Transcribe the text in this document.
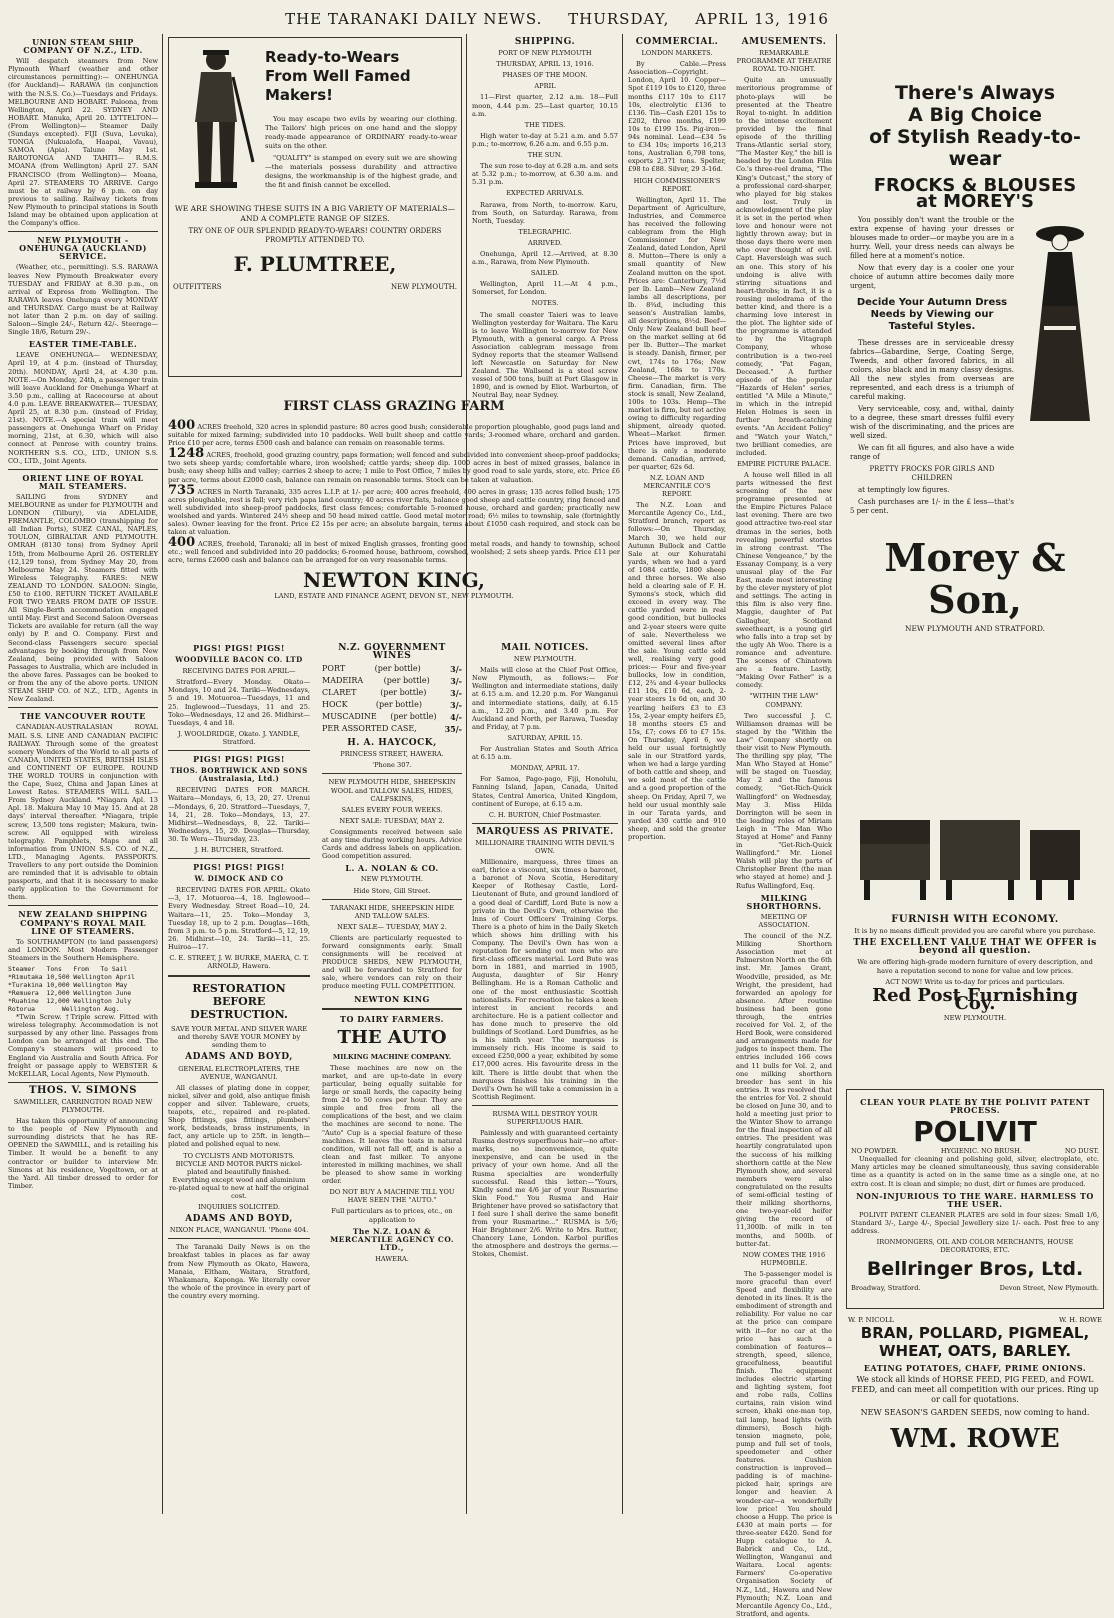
THE TARANAKI DAILY NEWS. THURSDAY, APRIL 13, 1916
UNION STEAM SHIP COMPANY OF N.Z., LTD.

Will despatch steamers from New Plymouth Wharf (weather and other circumstances permitting):— ONEHUNGA (for Auckland)— RARAWA (in conjunction with the N.S.S. Co.)—Tuesdays and Fridays. MELBOURNE AND HOBART. Paloona, from Wellington, April 22. SYDNEY AND HOBART. Manuka, April 20. LYTTELTON— (From Wellington)— Steamer Daily (Sundays excepted). FIJI (Suva, Levuka), TONGA (Nukualofa, Haapai, Vavau), SAMOA (Apia). Talune May 1st. RAROTONGA AND TAHITI— R.M.S. MOANA (from Wellington) April 27. SAN FRANCISCO (from Wellington)— Moana, April 27. STEAMERS TO ARRIVE. Cargo must be at railway by 6 p.m. on day previous to sailing. Railway tickets from New Plymouth to principal stations in South Island may be obtained upon application at the Company's office.

NEW PLYMOUTH - ONEHUNGA (AUCKLAND) SERVICE.

(Weather, etc., permitting). S.S. RARAWA leaves New Plymouth Breakwater every TUESDAY and FRIDAY at 8.30 p.m., on arrival of Express from Wellington. The RARAWA leaves Onehunga every MONDAY and THURSDAY. Cargo must be at Railway not later than 2 p.m. on day of sailing. Saloon—Single 24/-, Return 42/-. Steerage—Single 18/6, Return 29/-.

EASTER TIME-TABLE.

LEAVE ONEHUNGA— WEDNESDAY, April 19, at 4 p.m. (instead of Thursday, 20th). MONDAY, April 24, at 4.30 p.m. NOTE.—On Monday, 24th, a passenger train will leave Auckland for Onehunga Wharf at 3.50 p.m., calling at Racecourse at about 4.0 p.m. LEAVE BREAKWATER— TUESDAY, April 25, at 8.30 p.m. (instead of Friday, 21st). NOTE.—A special train will meet passengers at Onehunga Wharf on Friday morning, 21st, at 6.30, which will also connect at Penrose with country trains. NORTHERN S.S. CO., LTD., UNION S.S. CO., LTD., Joint Agents.

ORIENT LINE OF ROYAL MAIL STEAMERS.

SAILING from SYDNEY and MELBOURNE as under for PLYMOUTH and LONDON (Tilbury), via ADELAIDE, FREMANTLE, COLOMBO (transhipping for all Indian Ports), SUEZ CANAL, NAPLES, TOULON, GIBRALTAR AND PLYMOUTH. OMRAH (8130 tons) from Sydney April 15th, from Melbourne April 26. OSTERLEY (12,129 tons), from Sydney May 20, from Melbourne May 24. Steamers fitted with Wireless Telegraphy. FARES: NEW ZEALAND TO LONDON. SALOON: Single, £50 to £100. RETURN TICKET AVAILABLE FOR TWO YEARS FROM DATE OF ISSUE. All Single-Berth accommodation engaged until May. First and Second Saloon Overseas Tickets are available for return (all the way only) by P. and O. Company. First and Second-class Passengers secure special advantages by booking through from New Zealand, being provided with Saloon Passages to Australia, which are included in the above fares. Passages can be booked to or from the any of the above ports. UNION STEAM SHIP CO. of N.Z., LTD., Agents in New Zealand.

THE VANCOUVER ROUTE

CANADIAN-AUSTRALASIAN ROYAL MAIL S.S. LINE AND CANADIAN PACIFIC RAILWAY. Through some of the greatest scenery Wonders of the World to all parts of CANADA, UNITED STATES, BRITISH ISLES and CONTINENT OF EUROPE. ROUND THE WORLD TOURS in conjunction with the Cape, Suez, China and Japan Lines at Lowest Rates. STEAMERS WILL SAIL— From Sydney Auckland. *Niagara Apl. 13 Apl. 18. Makura May 10 May 15. And at 28 days' interval thereafter. *Niagara, triple screw, 13,500 tons register; Makura, twin-screw. All equipped with wireless telegraphy. Pamphlets, Maps and all information from UNION S.S. CO. of N.Z., LTD., Managing Agents. PASSPORTS. Travellers to any port outside the Dominion are reminded that it is advisable to obtain passports, and that it is necessary to make early application to the Government for them.

NEW ZEALAND SHIPPING COMPANY'S ROYAL MAIL LINE OF STEAMERS.

To SOUTHAMPTON (to land passengers) and LONDON. Most Modern Passenger Steamers in the Southern Hemisphere.

Steamer   Tons   From   To Sail
*Rimutaka 10,500 Wellington April
*Turakina 10,000 Wellington May
*Remuera  12,000 Wellington June
*Ruahine  12,000 Wellington July
Rotorua       Wellington Aug.

*Twin Screw. †Triple screw. Fitted with wireless telegraphy. Accommodation is not surpassed by any other line. Passages from London can be arranged at this end. The Company's steamers will proceed to England via Australia and South Africa. For freight or passage apply to WEBSTER & McKELLAR, Local Agents, New Plymouth.

THOS. V. SIMONS
SAWMILLER, CARRINGTON ROAD NEW PLYMOUTH.

Has taken this opportunity of announcing to the people of New Plymouth and surrounding districts that he has RE-OPENED the SAWMILL, and is retailing his Timber. It would be a benefit to any contractor or builder to interview Mr. Simons at his residence, Vogeltown, or at the Yard. All timber dressed to order for Timber.

Ready-to-Wears
From Well Famed
Makers!

You may escape two evils by wearing our clothing. The Tailors' high prices on one hand and the sloppy ready-made appearance of ORDINARY ready-to-wear suits on the other.

"QUALITY" is stamped on every suit we are showing—the materials possess durability and attractive designs, the workmanship is of the highest grade, and the fit and finish cannot be excelled.

WE ARE SHOWING THESE SUITS IN A BIG VARIETY OF MATERIALS—AND A COMPLETE RANGE OF SIZES.
TRY ONE OF OUR SPLENDID READY-TO-WEARS! COUNTRY ORDERS PROMPTLY ATTENDED TO.
F. PLUMTREE,
OUTFITTERS	NEW PLYMOUTH.
FIRST CLASS GRAZING FARM
400 ACRES freehold, 320 acres in splendid pasture: 80 acres good bush; considerable proportion ploughable, good pugs land and suitable for mixed farming; subdivided into 10 paddocks. Well built sheep and cattle yards; 3-roomed whare, orchard and garden. Price £10 per acre, terms £500 cash and balance can remain on reasonable terms.
1248 ACRES, freehold, good grazing country, paps formation; well fenced and subdivided into convenient sheep-proof paddocks; two sets sheep yards; comfortable whare, iron woolshed; cattle yards; sheep dip. 1000 acres in best of mixed grasses, balance in bush; easy sheep hills and valley; carries 2 sheep to acre; 1 mile to Post Office, 7 miles by good road to sale yards, store, etc. Price £6 per acre, terms about £2000 cash, balance can remain on reasonable terms. Stock can be taken at valuation.
735 ACRES in North Taranaki, 335 acres L.I.P. at 1/- per acre; 400 acres freehold, 400 acres in grass; 135 acres felled bush; 175 acres ploughable, rest is fall; very rich papa land country; 40 acres river flats, balance good sheep and cattle country, ring fenced and well subdivided into sheep-proof paddocks, first class fences; comfortable 5-roomed house, orchard and garden; practically new woolshed and yards. Wintered 24½ sheep and 50 head mixed cattle. Good metal motor road; 6½ miles to township, sale (fortnightly sales). Owner leaving for the front. Price £2 15s per acre; an absolute bargain, terms about £1050 cash required, and stock can be taken at valuation.
400 ACRES, freehold, Taranaki; all in best of mixed English grasses, fronting good metal roads, and handy to township, school etc.; well fenced and subdivided into 20 paddocks; 6-roomed house, bathroom, cowshed, woolshed; 2 sets sheep yards. Price £11 per acre, terms £2600 cash and balance can be arranged for on very reasonable terms.
NEWTON KING,
LAND, ESTATE AND FINANCE AGENT, DEVON ST., NEW PLYMOUTH.
PIGS! PIGS! PIGS!
WOODVILLE BACON CO. LTD
RECEIVING DATES FOR APRIL—

Stratford—Every Monday. Okato—Mondays, 10 and 24. Tariki—Wednesdays, 5 and 19. Motuoroa—Tuesdays, 11 and 25. Inglewood—Tuesdays, 11 and 25. Toko—Wednesdays, 12 and 26. Midhirst—Tuesdays, 4 and 18.

J. WOOLDRIDGE, Okato. J. YANDLE, Stratford.
PIGS! PIGS! PIGS!
THOS. BORTHWICK AND SONS (Australasia, Ltd.)

RECEIVING DATES FOR MARCH. Waitara—Mondays, 6, 13, 20, 27. Urenui—Mondays, 6, 20. Stratford—Tuesdays, 7, 14, 21, 28. Toko—Mondays, 13, 27. Midhirst—Wednesdays, 8, 22. Tariki—Wednesdays, 15, 29. Douglas—Thursday, 30. Te Wera—Thursday, 23.

J. H. BUTCHER, Stratford.
PIGS! PIGS! PIGS!
W. DIMOCK AND CO

RECEIVING DATES FOR APRIL: Okato—3, 17. Motuoroa—4, 18. Inglewood—Every Wednesday. Street Road—10, 24. Waitara—11, 25. Toko—Monday 3, Tuesday 18, up to 2 p.m. Douglas—16th, from 3 p.m. to 5 p.m. Stratford—5, 12, 19, 26. Midhirst—10, 24. Tariki—11, 25. Huiroa—17.

C. E. STREET, J. W. BURKE, MAERA, C. T. ARNOLD, Hawera.
RESTORATION BEFORE DESTRUCTION.
SAVE YOUR METAL AND SILVER WARE and thereby SAVE YOUR MONEY by sending them to
ADAMS AND BOYD,
GENERAL ELECTROPLATERS, THE AVENUE, WANGANUI.

All classes of plating done in copper, nickel, silver and gold, also antique finish copper and silver. Tableware, cruets, teapots, etc., repaired and re-plated. Shop fittings, gas fittings, plumbers' work, bedsteads, brass instruments, in fact, any article up to 25ft. in length—plated and polished equal to new.

TO CYCLISTS AND MOTORISTS. BICYCLE AND MOTOR PARTS nickel-plated and beautifully finished. Everything except wood and aluminium re-plated equal to new at half the original cost.
INQUIRIES SOLICITED.
ADAMS AND BOYD,
NIXON PLACE, WANGANUI. 'Phone 404.

The Taranaki Daily News is on the breakfast tables in places as far away from New Plymouth as Okato, Hawera, Manaia, Eltham, Waitara, Stratford, Whakamara, Kaponga. We literally cover the whole of the province in every part of the country every morning.

N.Z. GOVERNMENT WINES
PORT	(per bottle)	3/-
MADEIRA	(per bottle)	3/-
CLARET	(per bottle)	3/-
HOCK	(per bottle)	3/-
MUSCADINE (per bottle) 4/-
PER ASSORTED CASE,	35/-
H. A. HAYCOCK,
PRINCESS STREET, HAWERA.
'Phone 307.
NEW PLYMOUTH HIDE, SHEEPSKIN WOOL and TALLOW SALES, HIDES, CALFSKINS,
SALES EVERY FOUR WEEKS.
NEXT SALE: TUESDAY, MAY 2.

Consignments received between sale at any time during working hours. Advice Cards and address labels on application. Good competition assured.

L. A. NOLAN & CO.
NEW PLYMOUTH.
Hide Store, Gill Street.
TARANAKI HIDE, SHEEPSKIN HIDE AND TALLOW SALES.
NEXT SALE— TUESDAY, MAY 2.

Clients are particularly requested to forward consignments early. Small consignments will be received at PRODUCE SHEDS, NEW PLYMOUTH, and will be forwarded to Stratford for sale, where vendors can rely on their produce meeting FULL COMPETITION.

NEWTON KING
TO DAIRY FARMERS.
THE AUTO
MILKING MACHINE COMPANY.

These machines are now on the market, and are up-to-date in every particular, being equally suitable for large or small herds, the capacity being from 24 to 50 cows per hour. They are simple and free from all the complications of the best, and we claim the machines are second to none. The "Auto" Cup is a special feature of these machines. It leaves the teats in natural condition, will not fall off, and is also a clean and fast milker. To anyone interested in milking machines, we shall be pleased to show same in working order.

DO NOT BUY A MACHINE TILL YOU HAVE SEEN THE "AUTO."
Full particulars as to prices, etc., on application to
The N.Z. LOAN & MERCANTILE AGENCY CO. LTD.,
HAWERA.
SHIPPING.
PORT OF NEW PLYMOUTH
THURSDAY, APRIL 13, 1916.
PHASES OF THE MOON.
APRIL

11—First quarter, 2.12 a.m. 18—Full moon, 4.44 p.m. 25—Last quarter, 10.15 a.m.

THE TIDES.

High water to-day at 5.21 a.m. and 5.57 p.m.; to-morrow, 6.26 a.m. and 6.55 p.m.

THE SUN.

The sun rose to-day at 6.28 a.m. and sets at 5.32 p.m.; to-morrow, at 6.30 a.m. and 5.31 p.m.

EXPECTED ARRIVALS.

Rarawa, from North, to-morrow. Karu, from South, on Saturday. Rarawa, from North, Tuesday.

TELEGRAPHIC.
ARRIVED.

Onehunga, April 12.—Arrived, at 8.30 a.m., Rarawa, from New Plymouth.

SAILED.

Wellington, April 11.—At 4 p.m., Somerset, for London.

NOTES.

The small coaster Taieri was to leave Wellington yesterday for Waitara. The Karu is to leave Wellington to-morrow for New Plymouth, with a general cargo. A Press Association cablegram message from Sydney reports that the steamer Wallsend left Newcastle on Saturday for New Zealand. The Wallsend is a steel screw vessel of 500 tons, built at Port Glasgow in 1890, and is owned by Eliot. Warburton, of Neutral Bay, near Sydney.

MAIL NOTICES.
NEW PLYMOUTH.

Mails will close at the Chief Post Office, New Plymouth, as follows:— For Wellington and intermediate stations, daily at 6.15 a.m. and 12.20 p.m. For Wanganui and intermediate stations, daily, at 6.15 a.m., 12.20 p.m., and 3.40 p.m. For Auckland and North, per Rarawa, Tuesday and Friday, at 7 p.m.

SATURDAY, APRIL 15.

For Australian States and South Africa at 6.15 a.m.

MONDAY, APRIL 17.

For Samoa, Pago-pago, Fiji, Honolulu, Fanning Island, Japan, Canada, United States, Central America, United Kingdom, continent of Europe, at 6.15 a.m.

C. H. BURTON, Chief Postmaster.
MARQUESS AS PRIVATE.
MILLIONAIRE TRAINING WITH DEVIL'S OWN.

Millionaire, marquess, three times an earl, thrice a viscount, six times a baronet, a baronet of Nova Scotia, Hereditary Keeper of Rothesay Castle, Lord-Lieutenant of Bute, and ground landlord of a good deal of Cardiff, Lord Bute is now a private in the Devil's Own, otherwise the Inns of Court Officers' Training Corps. There is a photo of him in the Daily Sketch which shows him drilling with his Company. The Devil's Own has won a reputation for sending out men who are first-class officers material. Lord Bute was born in 1881, and married in 1905, Augusta, daughter of Sir Henry Bellingham. He is a Roman Catholic and one of the most enthusiastic Scottish nationalists. For recreation he takes a keen interest in ancient records and architecture. He is a patient collector and has done much to preserve the old buildings of Scotland. Lord Dumfries, as he is his ninth year. The marquess is immensely rich. His income is said to exceed £250,000 a year, exhibited by some £17,000 acres. His favourite dress in the kilt. There is little doubt that when the marquess finishes his training in the Devil's Own he will take a commission in a Scottish Regiment.

RUSMA WILL DESTROY YOUR SUPERFLUOUS HAIR.

Painlessly and with guaranteed certainty Rusma destroys superfluous hair—no after-marks, no inconvenience, quite inexpensive, and can be used in the privacy of your own home. And all the Rusma specialties are wonderfully successful. Read this letter:—"Yours, Kindly send me 4/6 jar of your Rusmarine Skin Food." You Rusma and Hair Brightener have proved so satisfactory that I feel sure I shall derive the same benefit from your Rusmarine..." RUSMA is 5/6; Hair Brightener 2/6. Write to Mrs. Rutter, Chancery Lane, London. Karbol purifies the atmosphere and destroys the germs.—Stokes, Chemist.

COMMERCIAL.
LONDON MARKETS.

By Cable.—Press Association—Copyright. London, April 10. Copper—Spot £119 10s to £120, three months £117 10s to £117 10s, electrolytic £136 to £136. Tin—Cash £201 15s to £202, three months, £199 10s to £199 15s. Pig-iron—94s nominal. Lead—£34 5s to £34 10s; imports 16,213 tons, Australian 6,798 tons, exports 2,371 tons. Spelter, £98 to £88. Silver, 29 3-16d.

HIGH COMMISSIONER'S REPORT.

Wellington, April 11. The Department of Agriculture, Industries, and Commerce has received the following cablegram from the High Commissioner for New Zealand, dated London, April 8. Mutton—There is only a small quantity of New Zealand mutton on the spot. Prices are: Canterbury, 7½d per lb. Lamb—New Zealand lambs all descriptions, per lb. 8¾d, including this season's Australian lambs, all descriptions, 8½d. Beef—Only New Zealand bull beef on the market selling at 6d per lb. Butter—The market is steady. Danish, firmer, per cwt, 174s to 176s; New Zealand, 168s to 170s. Cheese—The market is very firm. Canadian, firm. The stock is small, New Zealand, 100s to 103s. Hemp—The market is firm, but not active owing to difficulty regarding shipment, already quoted. Wheat—Market firmer. Prices have improved, but there is only a moderate demand. Canadian, arrived, per quarter, 62s 6d.

N.Z. LOAN AND MERCANTILE CO'S REPORT.

The N.Z. Loan and Mercantile Agency Co., Ltd., Stratford branch, report as follows:—On Thursday, March 30, we held our Autumn Bullock and Cattle Sale at our Kohuratahi yards, when we had a yard of 1084 cattle, 1800 sheep and three horses. We also held a clearing sale of F. H. Symons's stock, which did exceed in every way. The cattle yarded were in real good condition, but bullocks and 2-year steers were quite of sale. Nevertheless we omitted several lines after the sale. Young cattle sold well, realising very good prices:— Four and five-year bullocks, low in condition, £12, 2¾ and 4-year bullocks £11 10s, £10 6d, each, 2-year steers 1s 6d on, and 30 yearling heifers £3 to £3 15s, 2-year empty heifers £5, 18 months steers £5 and 15s, £7; cows £6 to £7 15s. On Thursday, April 6, we held our usual fortnightly sale in our Stratford yards, when we had a large yarding of both cattle and sheep, and we sold most of the cattle and a good proportion of the sheep. On Friday, April 7, we held our usual monthly sale in our Tarata yards, and yarded 430 cattle and 910 sheep, and sold the greater proportion.

AMUSEMENTS.
REMARKABLE PROGRAMME AT THEATRE ROYAL TO-NIGHT.

Quite an unusually meritorious programme of photo-plays will be presented at the Theatre Royal to-night. In addition to the intense excitement provided by the final episode of the thrilling Trans-Atlantic serial story, "The Master Key," the bill is headed by the London Film Co.'s three-reel drama, "The King's Outcast," the story of a professional card-sharper, who played for big stakes and lost. Truly in acknowledgment of the play it is set in the period when love and honour were not lightly thrown away; but in those days there were men who over thought of evil. Capt. Haversleigh was such an one. This story of his undoing is alive with stirring situations and heart-throbs; in fact, it is a rousing melodrama of the better kind, and there is a charming love interest in the plot. The lighter side of the programme is attended to by the Vitagraph Company, whose contribution is a two-reel comedy, "Pat Fagan, Deceased." A further episode of the popular "Hazards of Helen" series, entitled "A Mile a Minute," in which in the intrepid Helen Holmes is seen in further breath-catching events. "An Accident Policy" and "Watch your Watch," two brilliant comedies, are included.

EMPIRE PICTURE PALACE.

A house well filled in all parts witnessed the first screening of the new programme presented at the Empire Pictures Palace last evening. There are two good attractive two-reel star dramas in the series, both revealing powerful stories in strong contrast. "The Chinese Vengeance," by the Essanay Company, is a very unusual play of the Far East, made most interesting by the clever mystery of plot and settings. The acting in this film is also very fine. Maggie, daughter of Pat Gallagher, Scotland sweetheart, is a young girl who falls into a trap set by the ugly Ah Woo. There is a romance and adventure. The scenes of Chinatown are a feature. Lastly, "Making Over Father" is a comedy.

"WITHIN THE LAW" COMPANY.

Two successful J. C. Williamson dramas will be staged by the "Within the Law" Company shortly on their visit to New Plymouth. The thrilling spy play, "The Man Who Stayed at Home" will be staged on Tuesday, May 2 and the famous comedy, "Get-Rich-Quick Wallingford" on Wednesday, May 3. Miss Hilda Dorrington will be seen in the leading roles of Miriam Leigh in "The Man Who Stayed at Home" and Fanny in "Get-Rich-Quick Wallingford." Mr. Lionel Walsh will play the parts of Christopher Brent (the man who stayed at home) and J. Rufus Wallingford, Esq.

MILKING SHORTHORNS.
MEETING OF ASSOCIATION.

The council of the N.Z. Milking Shorthorn Association met at Palmerston North on the 6th inst. Mr. James Grant, Woodville, presided, as Mr. Wright, the president, had forwarded an apology for absence. After routine business had been gone through, the entries received for Vol. 2, of the Herd Book, were considered and arrangements made for judges to inspect them. The entries included 166 cows and 11 bulls for Vol. 2, and one milking shorthorn breeder has sent in his entries. It was resolved that the entries for Vol. 2 should be closed on June 30, and to hold a meeting just prior to the Winter Show to arrange for the final inspection of all entries. The president was heartily congratulated upon the success of his milking shorthorn cattle at the New Plymouth show, and several members were also congratulated on the results of semi-official testing of their milking shorthorns, one two-year-old heifer giving the record of 11,300lb. of milk in ten months, and 500lb. of butter-fat.

NOW COMES THE 1916 HUPMOBILE.

The 5-passenger model is more graceful than ever! Speed and flexibility are denoted in its lines. It is the embodiment of strength and reliability. For value no car at the price can compare with it—for no car at the price has such a combination of features—strength, speed, silence, gracefulness, beautiful finish. The equipment includes electric starting and lighting system, foot and robe rails, Collins curtains, rain vision wind screen, khaki one-man top, tail lamp, head lights (with dimmers), Bosch high-tension magneto, pole, pump and full set of tools, speedometer and other features. Cushion construction is improved—padding is of machine-picked hair, springs are longer and heavier. A wonder-car—a wonderfully low price! You should choose a Hupp. The price is £430 at main ports — for three-seater £420. Send for Hupp catalogue to A. Babrick and Co., Ltd., Wellington, Wanganui and Waitara. Local agents: Farmers' Co-operative Organisation Society of N.Z., Ltd., Hawera and New Plymouth; N.Z. Loan and Mercantile Agency Co., Ltd., Stratford, and agents.

There's Always
A Big Choice
of Stylish Ready-to-wear
FROCKS & BLOUSES
at MOREY'S

You possibly don't want the trouble or the extra expense of having your dresses or blouses made to order—or maybe you are in a hurry. Well, your dress needs can always be filled here at a moment's notice.

Now that every day is a cooler one your choice of autumn attire becomes daily more urgent,

Decide Your Autumn Dress Needs by Viewing our Tasteful Styles.

These dresses are in serviceable dressy fabrics—Gabardine, Serge, Coating Serge, Tweeds, and other favored fabrics, in all colors, also black and in many classy designs. All the new styles from overseas are represented, and each dress is a triumph of careful making.

Very serviceable, cosy, and, withal, dainty to a degree, these smart dresses fulfil every wish of the discriminating, and the prices are well sized.

We can fit all figures, and also have a wide range of

PRETTY FROCKS FOR GIRLS AND CHILDREN

at temptingly low figures.

Cash purchases are 1/- in the £ less—that's 5 per cent.

Morey & Son,
NEW PLYMOUTH AND STRATFORD.
FURNISH WITH ECONOMY.
It is by no means difficult provided you are careful where you purchase.
THE EXCELLENT VALUE THAT WE OFFER is beyond all question.
We are offering high-grade modern furniture of every description, and have a reputation second to none for value and low prices.
ACT NOW! Write us to-day for prices and particulars.
Red Post Furnishing Coy.
NEW PLYMOUTH.
CLEAN YOUR PLATE BY THE POLIVIT PATENT PROCESS.
POLIVIT
NO POWDER.	HYGIENIC. NO BRUSH.	NO DUST.

Unequalled for cleaning and polishing gold, silver, electroplate, etc. Many articles may be cleaned simultaneously, thus saving considerable time as a quantity is acted on in the same time as a single one, at no extra cost. It is clean and simple; no dust, dirt or fumes are produced.

NON-INJURIOUS TO THE WARE. HARMLESS TO THE USER.

POLIVIT PATENT CLEANER PLATES are sold in four sizes: Small 1/6, Standard 3/-, Large 4/-, Special Jewellery size 1/- each. Post free to any address.

IRONMONGERS, OIL AND COLOR MERCHANTS, HOUSE DECORATORS, ETC.
Bellringer Bros, Ltd.
Broadway, Stratford.	Devon Street, New Plymouth.
W. P. NICOLL	W. H. ROWE
BRAN, POLLARD, PIGMEAL,
WHEAT, OATS, BARLEY.
EATING POTATOES, CHAFF, PRIME ONIONS.
We stock all kinds of HORSE FEED, PIG FEED, and FOWL FEED, and can meet all competition with our prices. Ring up or call for quotations.
NEW SEASON'S GARDEN SEEDS, now coming to hand.
WM. ROWE
